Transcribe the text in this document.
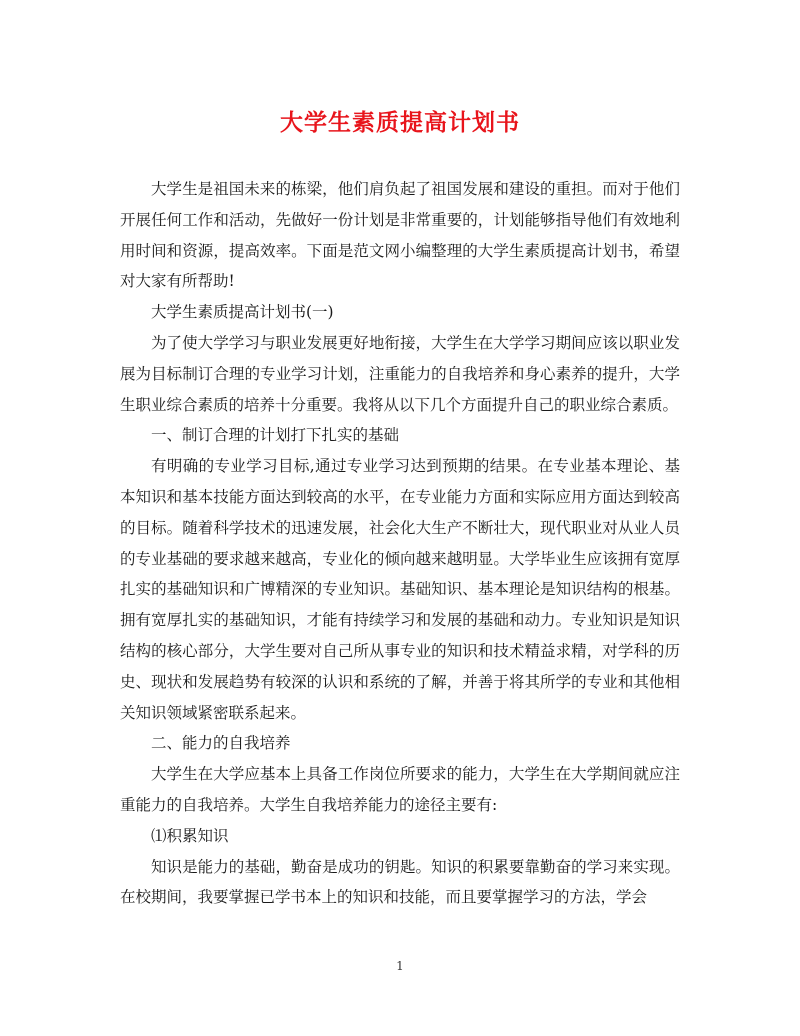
大学生素质提高计划书

大学生是祖国未来的栋梁，他们肩负起了祖国发展和建设的重担。而对于他们开展任何工作和活动，先做好一份计划是非常重要的，计划能够指导他们有效地利用时间和资源，提高效率。下面是范文网小编整理的大学生素质提高计划书，希望对大家有所帮助!

大学生素质提高计划书(一)

为了使大学学习与职业发展更好地衔接，大学生在大学学习期间应该以职业发展为目标制订合理的专业学习计划，注重能力的自我培养和身心素养的提升，大学生职业综合素质的培养十分重要。我将从以下几个方面提升自己的职业综合素质。

一、制订合理的计划打下扎实的基础

有明确的专业学习目标,通过专业学习达到预期的结果。在专业基本理论、基本知识和基本技能方面达到较高的水平，在专业能力方面和实际应用方面达到较高的目标。随着科学技术的迅速发展，社会化大生产不断壮大，现代职业对从业人员的专业基础的要求越来越高，专业化的倾向越来越明显。大学毕业生应该拥有宽厚扎实的基础知识和广博精深的专业知识。基础知识、基本理论是知识结构的根基。拥有宽厚扎实的基础知识，才能有持续学习和发展的基础和动力。专业知识是知识结构的核心部分，大学生要对自己所从事专业的知识和技术精益求精，对学科的历史、现状和发展趋势有较深的认识和系统的了解，并善于将其所学的专业和其他相关知识领域紧密联系起来。

二、能力的自我培养

大学生在大学应基本上具备工作岗位所要求的能力，大学生在大学期间就应注重能力的自我培养。大学生自我培养能力的途径主要有:

⑴积累知识

知识是能力的基础，勤奋是成功的钥匙。知识的积累要靠勤奋的学习来实现。在校期间，我要掌握已学书本上的知识和技能，而且要掌握学习的方法，学会

1
